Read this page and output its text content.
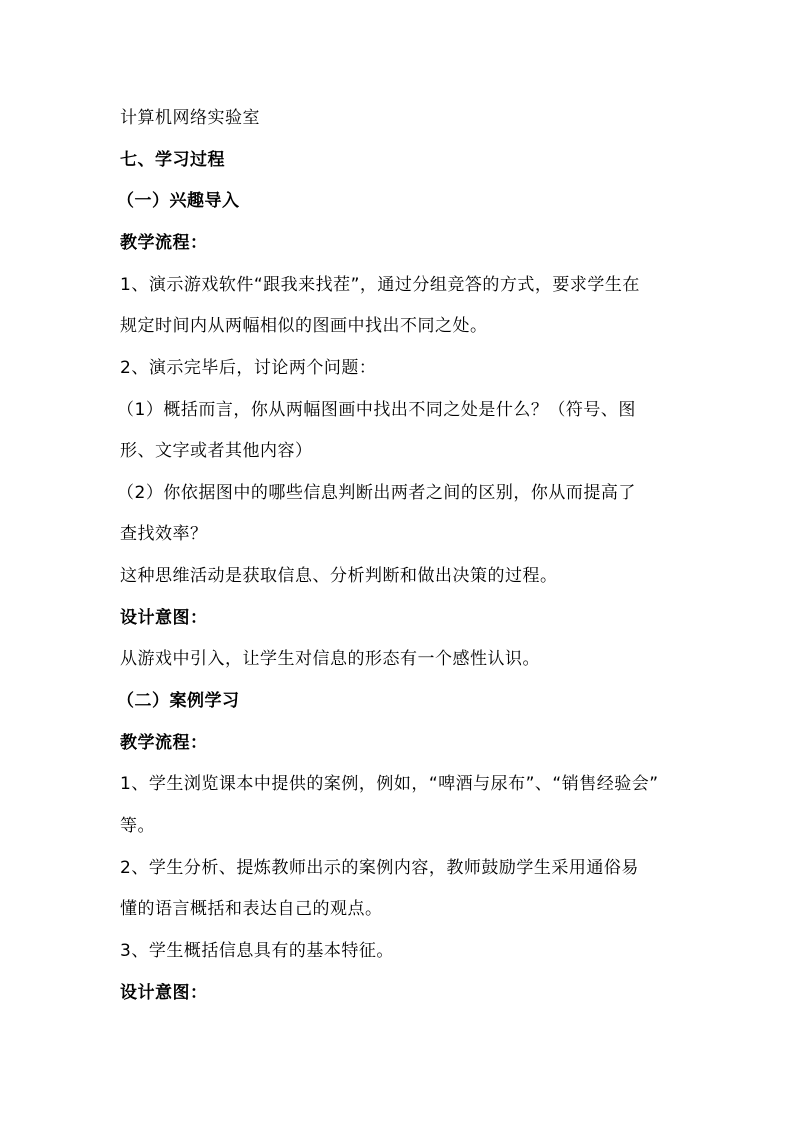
计算机网络实验室
七、学习过程
（一）兴趣导入
教学流程：
1、演示游戏软件“跟我来找茬”，通过分组竞答的方式，要求学生在
规定时间内从两幅相似的图画中找出不同之处。
2、演示完毕后，讨论两个问题：
（1）概括而言，你从两幅图画中找出不同之处是什么？（符号、图
形、文字或者其他内容）
（2）你依据图中的哪些信息判断出两者之间的区别，你从而提高了
查找效率？
这种思维活动是获取信息、分析判断和做出决策的过程。
设计意图：
从游戏中引入，让学生对信息的形态有一个感性认识。
（二）案例学习
教学流程：
1、学生浏览课本中提供的案例，例如，“啤酒与尿布”、“销售经验会”
等。
2、学生分析、提炼教师出示的案例内容，教师鼓励学生采用通俗易
懂的语言概括和表达自己的观点。
3、学生概括信息具有的基本特征。
设计意图：
